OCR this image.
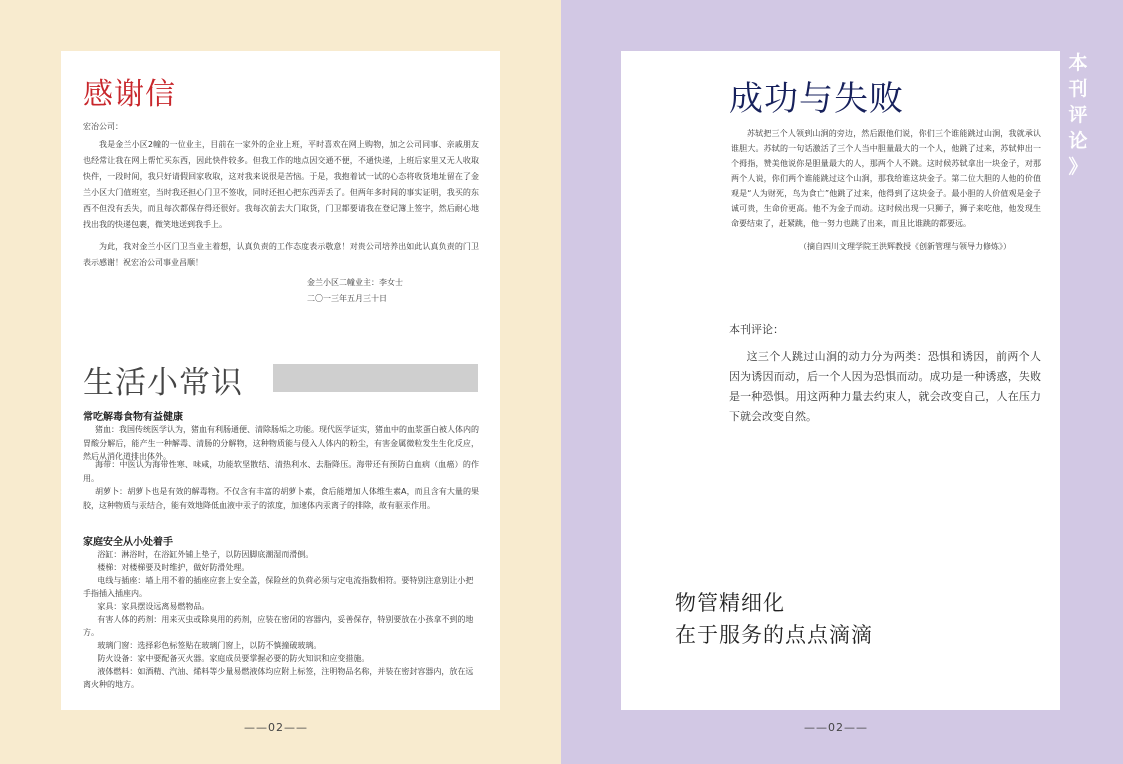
感谢信
宏冶公司：
我是金兰小区2幢的一位业主，目前在一家外的企业上班，平时喜欢在网上购物，加之公司同事、亲戚朋友也经常让我在网上帮忙买东西，因此快件较多。但我工作的地点因交通不便，不通快递，上班后家里又无人收取快件，一段时间，我只好请假回家收取，这对我来说很是苦恼。于是，我抱着试一试的心态将收货地址留在了金兰小区大门值班室，当时我还担心门卫不签收，同时还担心把东西弄丢了。但两年多时间的事实证明，我买的东西不但没有丢失，而且每次都保存得还很好。我每次前去大门取货，门卫都要请我在登记簿上签字，然后耐心地找出我的快递包裹，微笑地送到我手上。
为此，我对金兰小区门卫当业主着想，认真负责的工作态度表示敬意！对贵公司培养出如此认真负责的门卫表示感谢！祝宏冶公司事业昌顺！
金兰小区二幢业主：李女士
二〇一三年五月三十日
生活小常识
常吃解毒食物有益健康
猪血：我国传统医学认为，猪血有利肠通便、清除肠垢之功能。现代医学证实，猪血中的血浆蛋白被人体内的胃酸分解后，能产生一种解毒、清肠的分解物，这种物质能与侵入人体内的粉尘，有害金属微粒发生生化反应，然后从消化道排出体外。
海带：中医认为海带性寒、味咸，功能软坚散结、清热利水、去脂降压。海带还有预防白血病（血癌）的作用。
胡萝卜：胡萝卜也是有效的解毒物。不仅含有丰富的胡萝卜素，食后能增加人体维生素A，而且含有大量的果胶，这种物质与汞结合，能有效地降低血液中汞子的浓度，加速体内汞离子的排除，故有驱汞作用。
家庭安全从小处着手
浴缸：淋浴时，在浴缸外铺上垫子，以防因脚底潮湿而滑倒。
楼梯：对楼梯要及时维护，做好防滑处理。
电线与插座：墙上用不着的插座应套上安全盖，保险丝的负荷必须与定电流指数相符。要特别注意别让小把手指插入插座内。
家具：家具摆设远离易燃物品。
有害人体的药剂：用来灭虫或除臭用的药剂，应装在密闭的容器内，妥善保存，特别要放在小孩拿不到的地方。
玻璃门窗：选择彩色标签贴在玻璃门窗上，以防不慎撞破玻璃。
防火设备：家中要配备灭火器。家庭成员要掌握必要的防火知识和应变措施。
液体燃料：如酒精、汽油、烯料等少量易燃液体均应附上标签，注明物品名称，并装在密封容器内，放在远离火种的地方。
——02——
成功与失败
苏轼把三个人领到山涧的旁边，然后跟他们说，你们三个谁能跳过山涧，我就承认谁胆大。苏轼的一句话激活了三个人当中胆量最大的一个人，他跳了过来，苏轼伸出一个拇指，赞美他说你是胆量最大的人，那两个人不跳。这时候苏轼拿出一块金子，对那两个人说，你们两个谁能跳过这个山涧，那我给谁这块金子。第二位大胆的人他的价值观是“人为财死，鸟为食亡”他跳了过来，他得到了这块金子。最小胆的人价值观是金子诚可贵，生命价更高。他不为金子而动。这时候出现一只狮子，狮子来吃他，他发现生命要结束了，赶紧跳，他一努力也跳了出来，而且比谁跳的都要远。
（摘自四川文理学院王洪辉教授《创新管理与领导力修炼》）
本刊评论：
这三个人跳过山涧的动力分为两类：恐惧和诱因，前两个人因为诱因而动，后一个人因为恐惧而动。成功是一种诱惑，失败是一种恐惧。用这两种力量去约束人，就会改变自己，人在压力下就会改变自然。
物管精细化
在于服务的点点滴滴
——02——
本
刊
评
论
》
